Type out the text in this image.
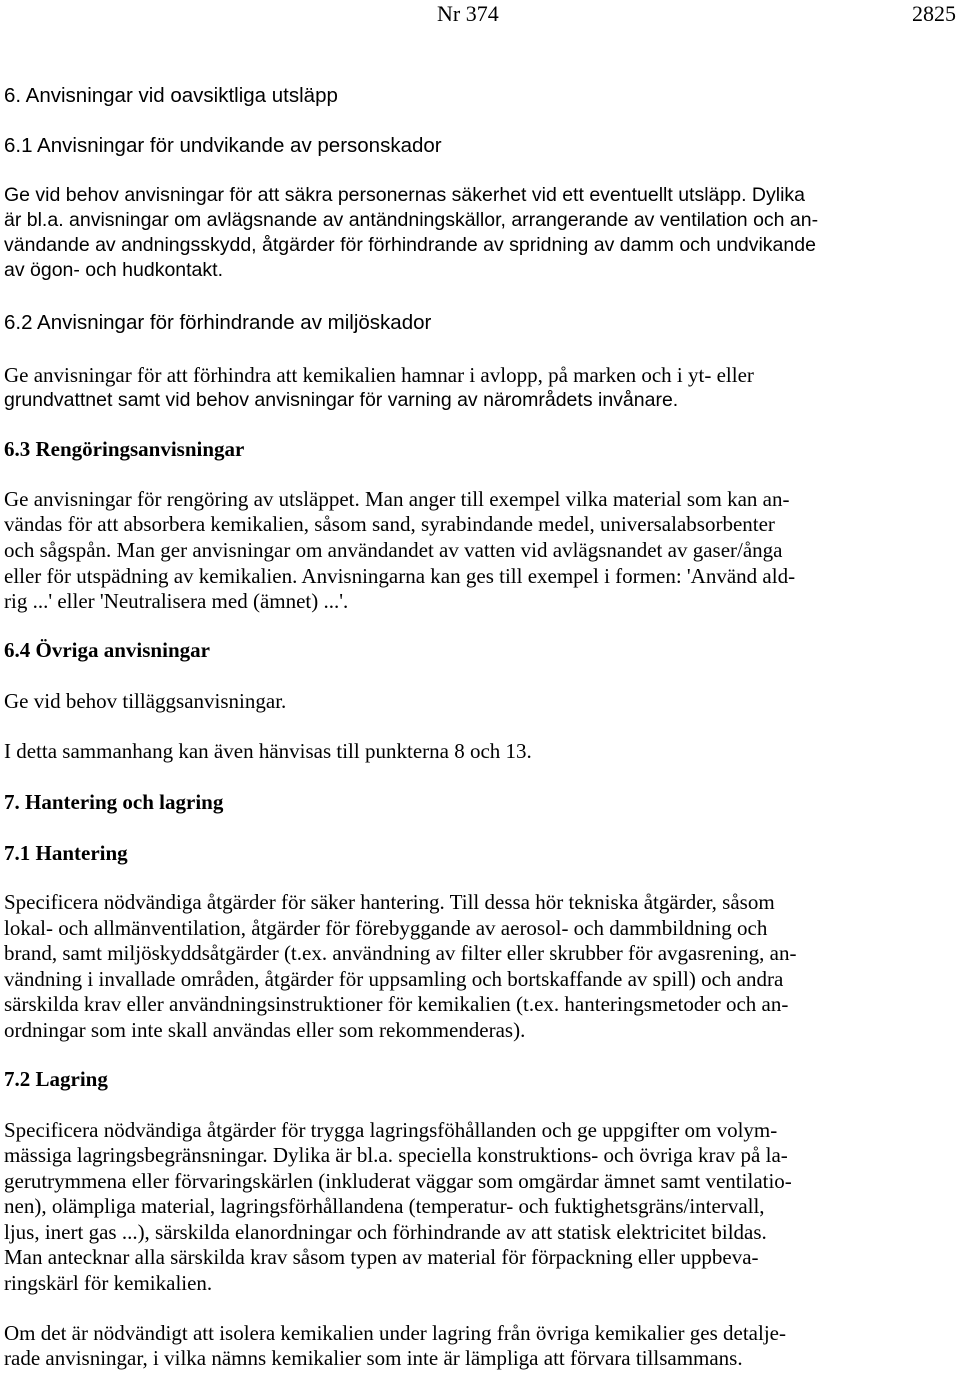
Nr 374	2825
6. Anvisningar vid oavsiktliga utsläpp
6.1 Anvisningar för undvikande av personskador
Ge vid behov anvisningar för att säkra personernas säkerhet vid ett eventuellt utsläpp. Dylika
är bl.a. anvisningar om avlägsnande av antändningskällor, arrangerande av ventilation och an-
vändande av andningsskydd, åtgärder för förhindrande av spridning av damm och undvikande
av ögon- och hudkontakt.
6.2 Anvisningar för förhindrande av miljöskador
Ge anvisningar för att förhindra att kemikalien hamnar i avlopp, på marken och i yt- eller
grundvattnet samt vid behov anvisningar för varning av närområdets invånare.
6.3 Rengöringsanvisningar
Ge anvisningar för rengöring av utsläppet. Man anger till exempel vilka material som kan an-
vändas för att absorbera kemikalien, såsom sand, syrabindande medel, universalabsorbenter
och sågspån. Man ger anvisningar om användandet av vatten vid avlägsnandet av gaser/ånga
eller för utspädning av kemikalien. Anvisningarna kan ges till exempel i formen: 'Använd ald-
rig ...' eller 'Neutralisera med (ämnet) ...'.
6.4 Övriga anvisningar
Ge vid behov tilläggsanvisningar.
I detta sammanhang kan även hänvisas till punkterna 8 och 13.
7. Hantering och lagring
7.1 Hantering
Specificera nödvändiga åtgärder för säker hantering. Till dessa hör tekniska åtgärder, såsom
lokal- och allmänventilation, åtgärder för förebyggande av aerosol- och dammbildning och
brand, samt miljöskyddsåtgärder (t.ex. användning av filter eller skrubber för avgasrening, an-
vändning i invallade områden, åtgärder för uppsamling och bortskaffande av spill) och andra
särskilda krav eller användningsinstruktioner för kemikalien (t.ex. hanteringsmetoder och an-
ordningar som inte skall användas eller som rekommenderas).
7.2 Lagring
Specificera nödvändiga åtgärder för trygga lagringsföhållanden och ge uppgifter om volym-
mässiga lagringsbegränsningar. Dylika är bl.a. speciella konstruktions- och övriga krav på la-
gerutrymmena eller förvaringskärlen (inkluderat väggar som omgärdar ämnet samt ventilatio-
nen), olämpliga material, lagringsförhållandena (temperatur- och fuktighetsgräns/intervall,
ljus, inert gas ...), särskilda elanordningar och förhindrande av att statisk elektricitet bildas.
Man antecknar alla särskilda krav såsom typen av material för förpackning eller uppbeva-
ringskärl för kemikalien.
Om det är nödvändigt att isolera kemikalien under lagring från övriga kemikalier ges detalje-
rade anvisningar, i vilka nämns kemikalier som inte är lämpliga att förvara tillsammans.
